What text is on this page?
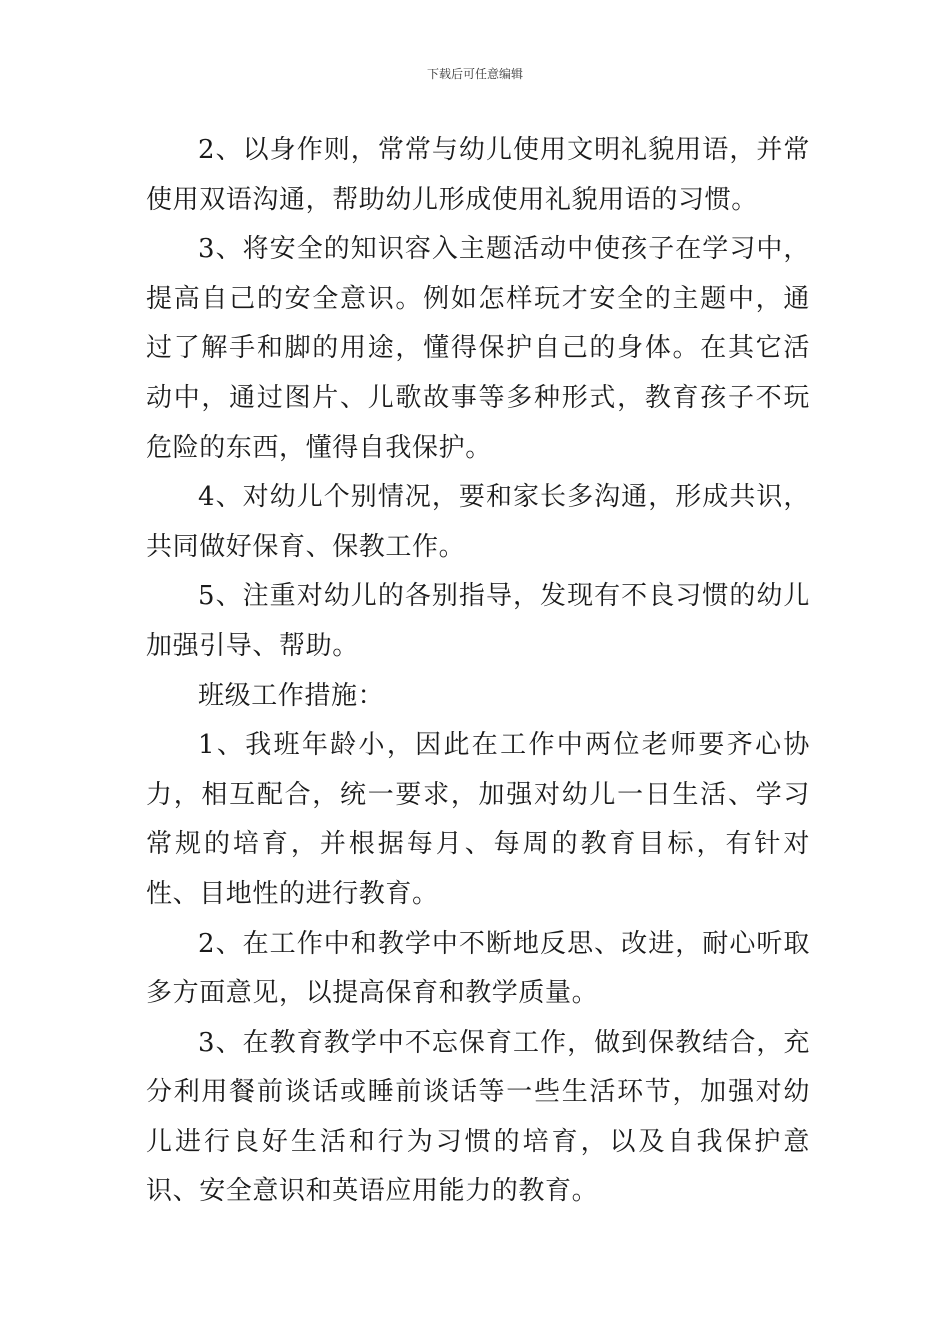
下载后可任意编辑

2、以身作则，常常与幼儿使用文明礼貌用语，并常使用双语沟通，帮助幼儿形成使用礼貌用语的习惯。

3、将安全的知识容入主题活动中使孩子在学习中，提高自己的安全意识。例如怎样玩才安全的主题中，通过了解手和脚的用途，懂得保护自己的身体。在其它活动中，通过图片、儿歌故事等多种形式，教育孩子不玩危险的东西，懂得自我保护。

4、对幼儿个别情况，要和家长多沟通，形成共识，共同做好保育、保教工作。

5、注重对幼儿的各别指导，发现有不良习惯的幼儿加强引导、帮助。

班级工作措施：

1、我班年龄小，因此在工作中两位老师要齐心协力，相互配合，统一要求，加强对幼儿一日生活、学习常规的培育，并根据每月、每周的教育目标，有针对性、目地性的进行教育。

2、在工作中和教学中不断地反思、改进，耐心听取多方面意见，以提高保育和教学质量。

3、在教育教学中不忘保育工作，做到保教结合，充分利用餐前谈话或睡前谈话等一些生活环节，加强对幼儿进行良好生活和行为习惯的培育，以及自我保护意识、安全意识和英语应用能力的教育。
